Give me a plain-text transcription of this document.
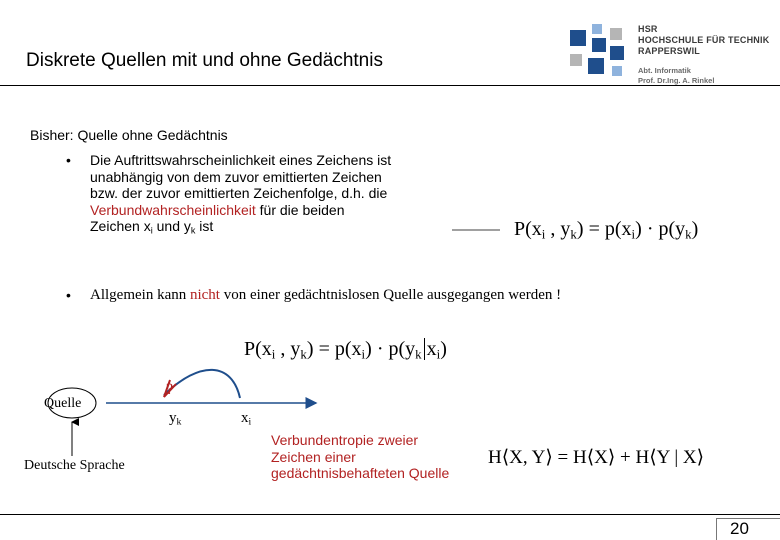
Diskrete Quellen mit und ohne Gedächtnis
HSR
HOCHSCHULE FÜR TECHNIK
RAPPERSWIL
Abt. Informatik
Prof. Dr.Ing. A. Rinkel
Bisher: Quelle ohne Gedächtnis
• Die Auftrittswahrscheinlichkeit eines Zeichens ist
unabhängig von dem zuvor emittierten Zeichen
bzw. der zuvor emittierten Zeichenfolge, d.h. die
Verbundwahrscheinlichkeit für die beiden
Zeichen $x_i$ und $y_k$ ist	$P(x_i$ , $y_k) = p(x_i) \cdot p(y_k)$
• Allgemein kann nicht von einer gedächtnislosen Quelle ausgegangen werden !
$P(x_i$ , $y_k) = p(x_i) \cdot p(y_k$ $x_i$)
Quelle
?
$y_k$	$x_i$
Deutsche Sprache
Verbundentropie zweier
Zeichen einer
gedächtnisbehafteten Quelle
H⟨X, Y⟩ = H⟨X⟩ + H⟨Y | X⟩
20
